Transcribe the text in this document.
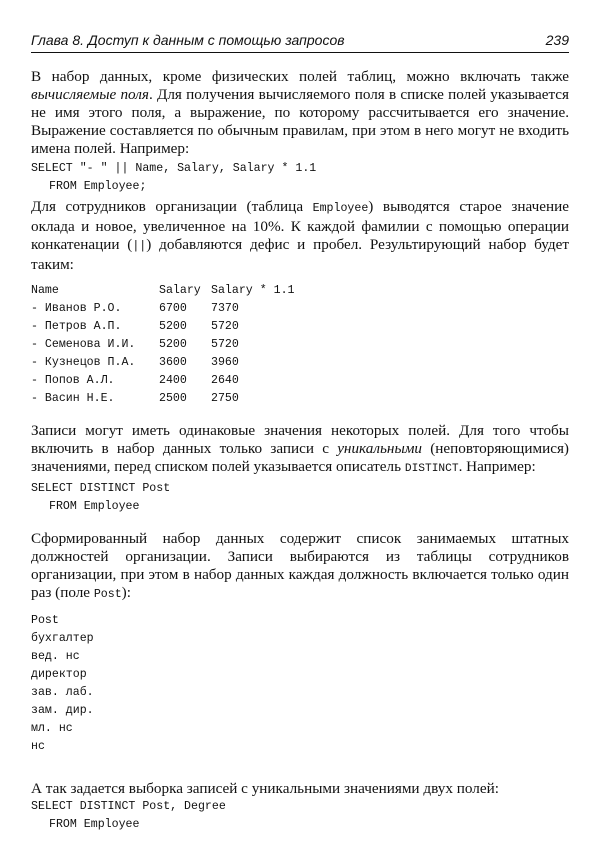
Глава 8. Доступ к данным с помощью запросов	239

В набор данных, кроме физических полей таблиц, можно включать также вычисляемые поля. Для получения вычисляемого поля в списке полей указывается не имя этого поля, а выражение, по которому рассчитывается его значение. Выражение составляется по обычным правилам, при этом в него могут не входить имена полей. Например:

SELECT "- " || Name, Salary, Salary * 1.1
FROM Employee;

Для сотрудников организации (таблица Employee) выводятся старое значение оклада и новое, увеличенное на 10%. К каждой фамилии с помощью операции конкатенации (||) добавляются дефис и пробел. Результирующий набор будет таким:

Name	Salary	Salary * 1.1
- Иванов Р.О.	6700	7370
- Петров А.П.	5200	5720
- Семенова И.И.	5200	5720
- Кузнецов П.А.	3600	3960
- Попов А.Л.	2400	2640
- Васин Н.Е.	2500	2750

Записи могут иметь одинаковые значения некоторых полей. Для того чтобы включить в набор данных только записи с уникальными (неповторяющимися) значениями, перед списком полей указывается описатель DISTINCT. Например:

SELECT DISTINCT Post
FROM Employee

Сформированный набор данных содержит список занимаемых штатных должностей организации. Записи выбираются из таблицы сотрудников организации, при этом в набор данных каждая должность включается только один раз (поле Post):

Post
бухгалтер
вед. нс
директор
зав. лаб.
зам. дир.
мл. нс
нс

А так задается выборка записей с уникальными значениями двух полей:

SELECT DISTINCT Post, Degree
FROM Employee
